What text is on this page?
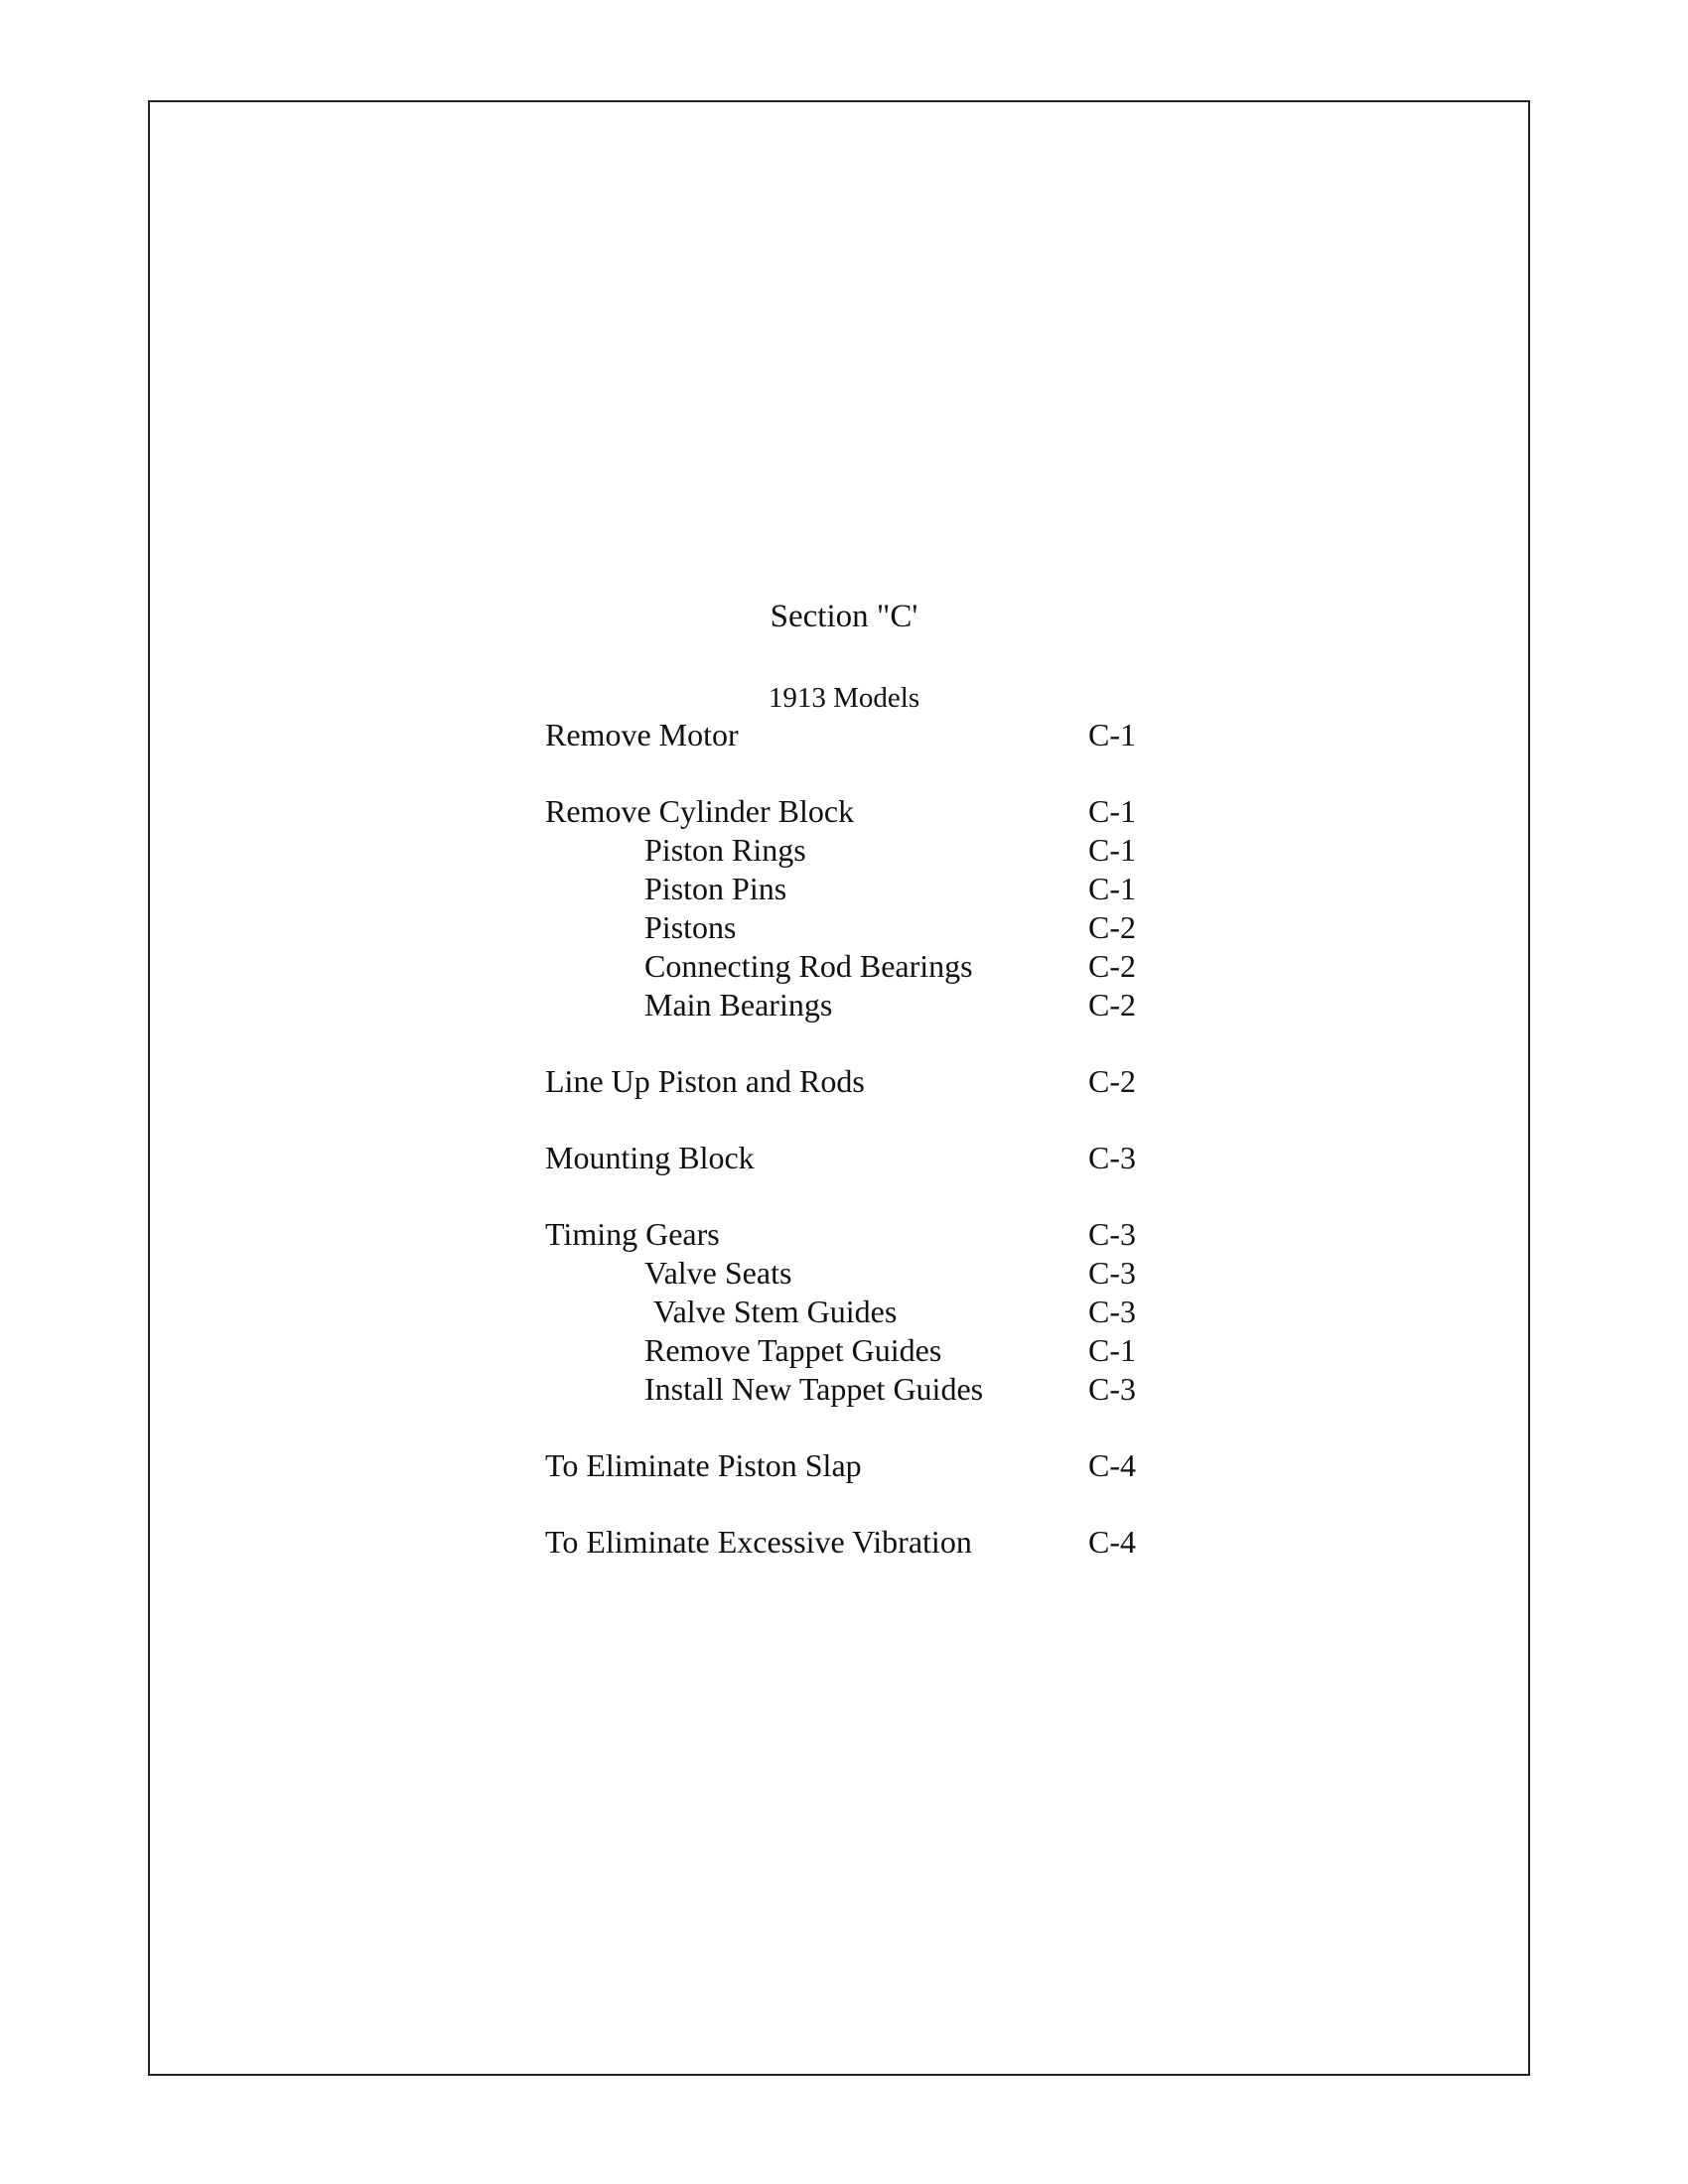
Section "C'
1913 Models
Remove Motor	C-1
Remove Cylinder Block	C-1
Piston Rings	C-1
Piston Pins	C-1
Pistons	C-2
Connecting Rod Bearings	C-2
Main Bearings	C-2
Line Up Piston and Rods	C-2
Mounting Block	C-3
Timing Gears	C-3
Valve Seats	C-3
Valve Stem Guides	C-3
Remove Tappet Guides	C-1
Install New Tappet Guides	C-3
To Eliminate Piston Slap	C-4
To Eliminate Excessive Vibration	C-4
